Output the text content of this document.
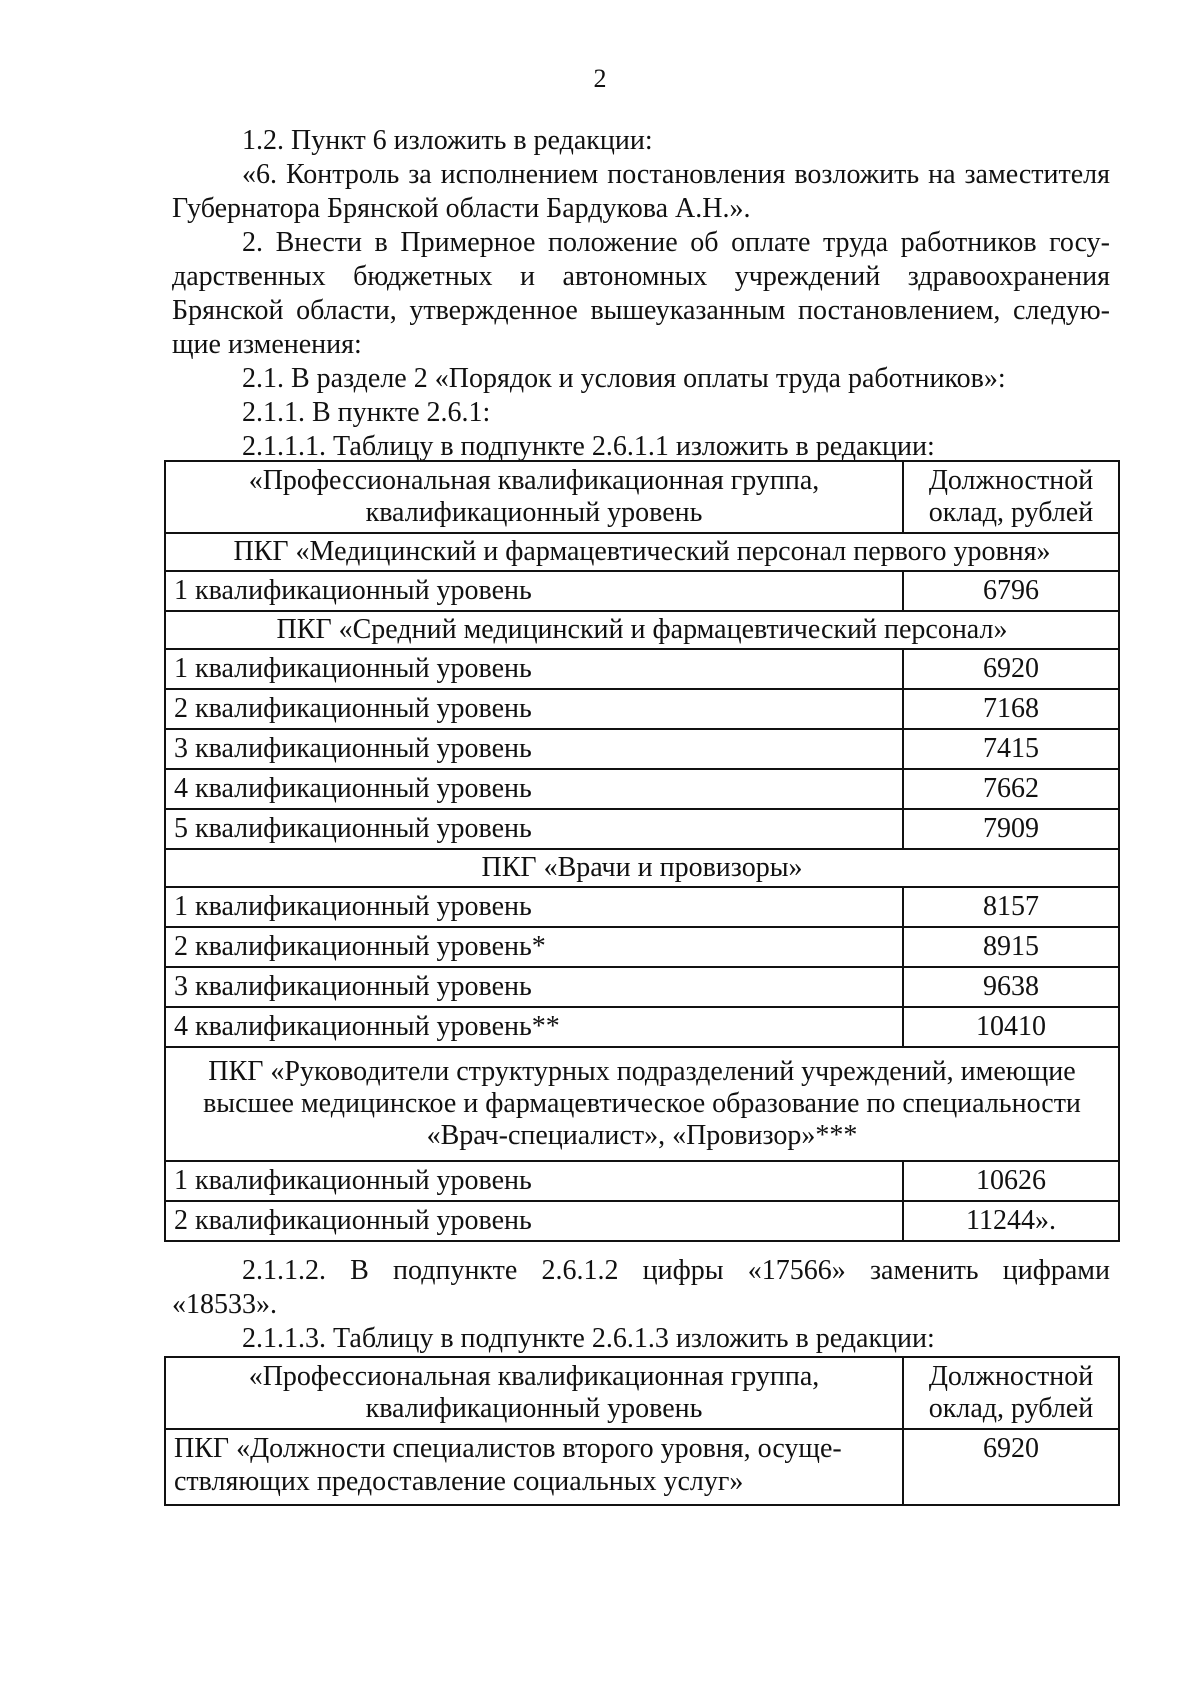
2

1.2. Пункт 6 изложить в редакции:

«6. Контроль за исполнением постановления возложить на заместителя

Губернатора Брянской области Бардукова А.Н.».

2. Внести в Примерное положение об оплате труда работников госу-

дарственных бюджетных и автономных учреждений здравоохранения

Брянской области, утвержденное вышеуказанным постановлением, следую-

щие изменения:

2.1. В разделе 2 «Порядок и условия оплаты труда работников»:

2.1.1. В пункте 2.6.1:

2.1.1.1. Таблицу в подпункте 2.6.1.1 изложить в редакции:

«Профессиональная квалификационная группа, квалификационный уровень	Должностной оклад, рублей
ПКГ «Медицинский и фармацевтический персонал первого уровня»	
1 квалификационный уровень	6796
ПКГ «Средний медицинский и фармацевтический персонал»	
1 квалификационный уровень	6920
2 квалификационный уровень	7168
3 квалификационный уровень	7415
4 квалификационный уровень	7662
5 квалификационный уровень	7909
ПКГ «Врачи и провизоры»	
1 квалификационный уровень	8157
2 квалификационный уровень*	8915
3 квалификационный уровень	9638
4 квалификационный уровень**	10410
ПКГ «Руководители структурных подразделений учреждений, имеющие высшее медицинское и фармацевтическое образование по специальности «Врач-специалист», «Провизор»***	
1 квалификационный уровень	10626
2 квалификационный уровень	11244».

2.1.1.2. В подпункте 2.6.1.2 цифры «17566» заменить цифрами

«18533».

2.1.1.3. Таблицу в подпункте 2.6.1.3 изложить в редакции:

«Профессиональная квалификационная группа, квалификационный уровень	Должностной оклад, рублей
ПКГ «Должности специалистов второго уровня, осуще-ствляющих предоставление социальных услуг»	6920
